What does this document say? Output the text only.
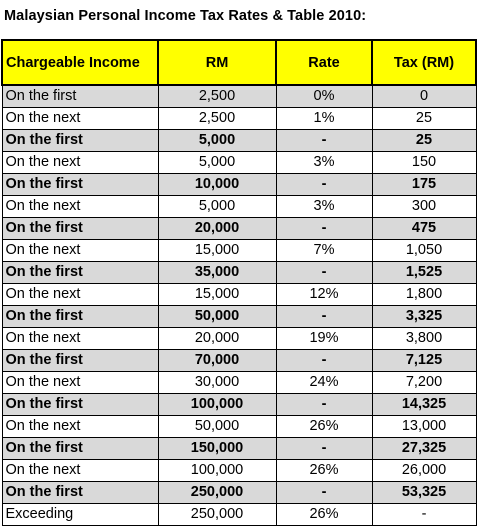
Malaysian Personal Income Tax Rates & Table 2010:
Chargeable Income	RM	Rate	Tax (RM)
On the first	2,500	0%	0
On the next	2,500	1%	25
On the first	5,000	-	25
On the next	5,000	3%	150
On the first	10,000	-	175
On the next	5,000	3%	300
On the first	20,000	-	475
On the next	15,000	7%	1,050
On the first	35,000	-	1,525
On the next	15,000	12%	1,800
On the first	50,000	-	3,325
On the next	20,000	19%	3,800
On the first	70,000	-	7,125
On the next	30,000	24%	7,200
On the first	100,000	-	14,325
On the next	50,000	26%	13,000
On the first	150,000	-	27,325
On the next	100,000	26%	26,000
On the first	250,000	-	53,325
Exceeding	250,000	26%	-
